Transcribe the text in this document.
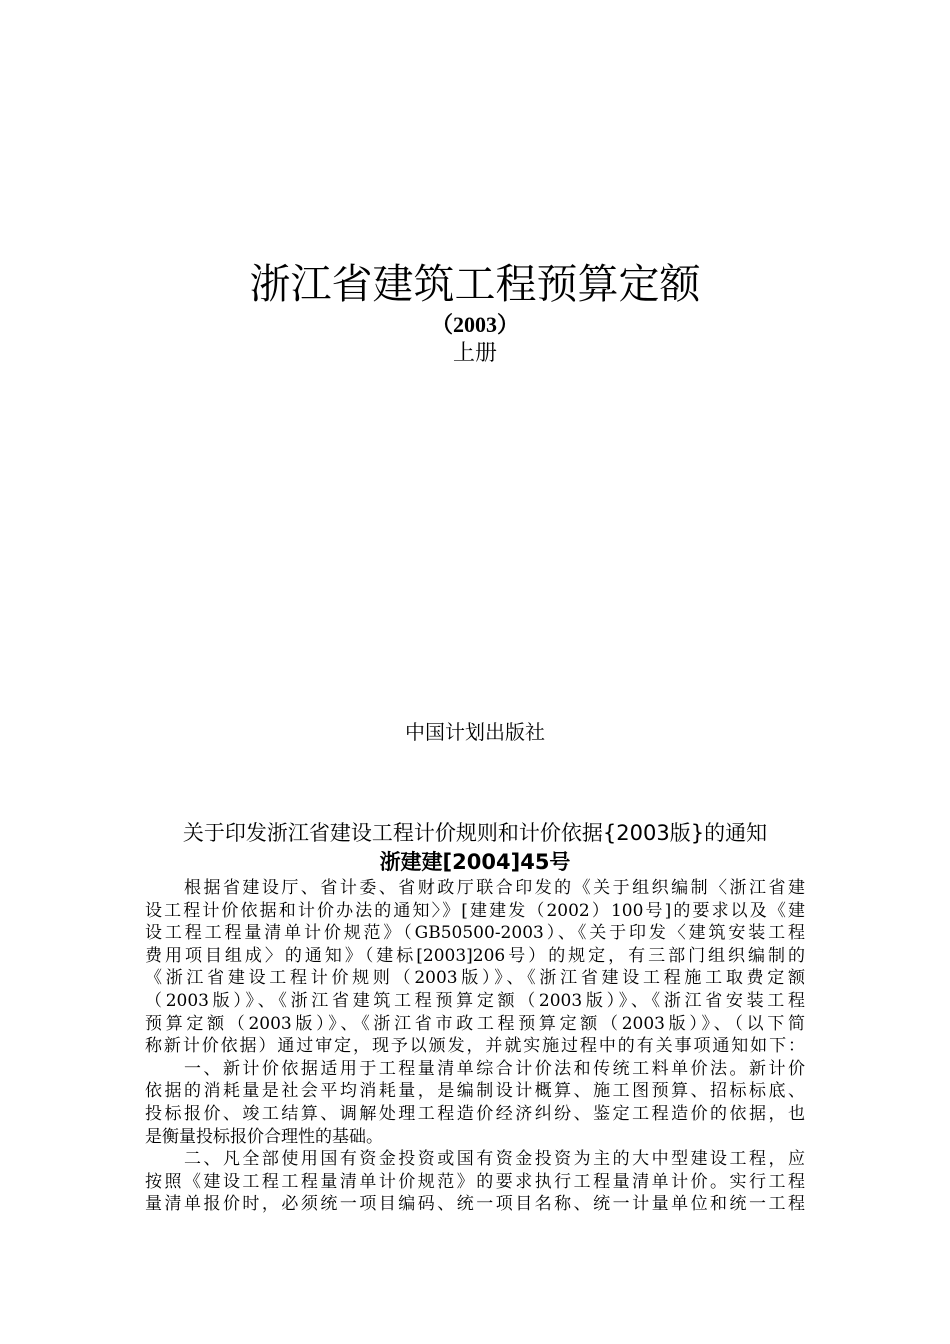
浙江省建筑工程预算定额
（2003）
上册
中国计划出版社
关于印发浙江省建设工程计价规则和计价依据{2003版}的通知
浙建建[2004]45号
　　根据省建设厅、省计委、省财政厅联合印发的《关于组织编制〈浙江省建
设工程计价依据和计价办法的通知〉》[建建发（2002）100号]的要求以及《建
设工程工程量清单计价规范》（GB50500-2003）、《关于印发〈建筑安装工程
费用项目组成〉的通知》（建标[2003]206号）的规定，有三部门组织编制的
《浙江省建设工程计价规则（2003版）》、《浙江省建设工程施工取费定额
（2003版）》、《浙江省建筑工程预算定额（2003版）》、《浙江省安装工程
预算定额（2003版）》、《浙江省市政工程预算定额（2003版）》、（以下简
称新计价依据）通过审定，现予以颁发，并就实施过程中的有关事项通知如下：
　　一、新计价依据适用于工程量清单综合计价法和传统工料单价法。新计价
依据的消耗量是社会平均消耗量，是编制设计概算、施工图预算、招标标底、
投标报价、竣工结算、调解处理工程造价经济纠纷、鉴定工程造价的依据，也
是衡量投标报价合理性的基础。
　　二、凡全部使用国有资金投资或国有资金投资为主的大中型建设工程，应
按照《建设工程工程量清单计价规范》的要求执行工程量清单计价。实行工程
量清单报价时，必须统一项目编码、统一项目名称、统一计量单位和统一工程
